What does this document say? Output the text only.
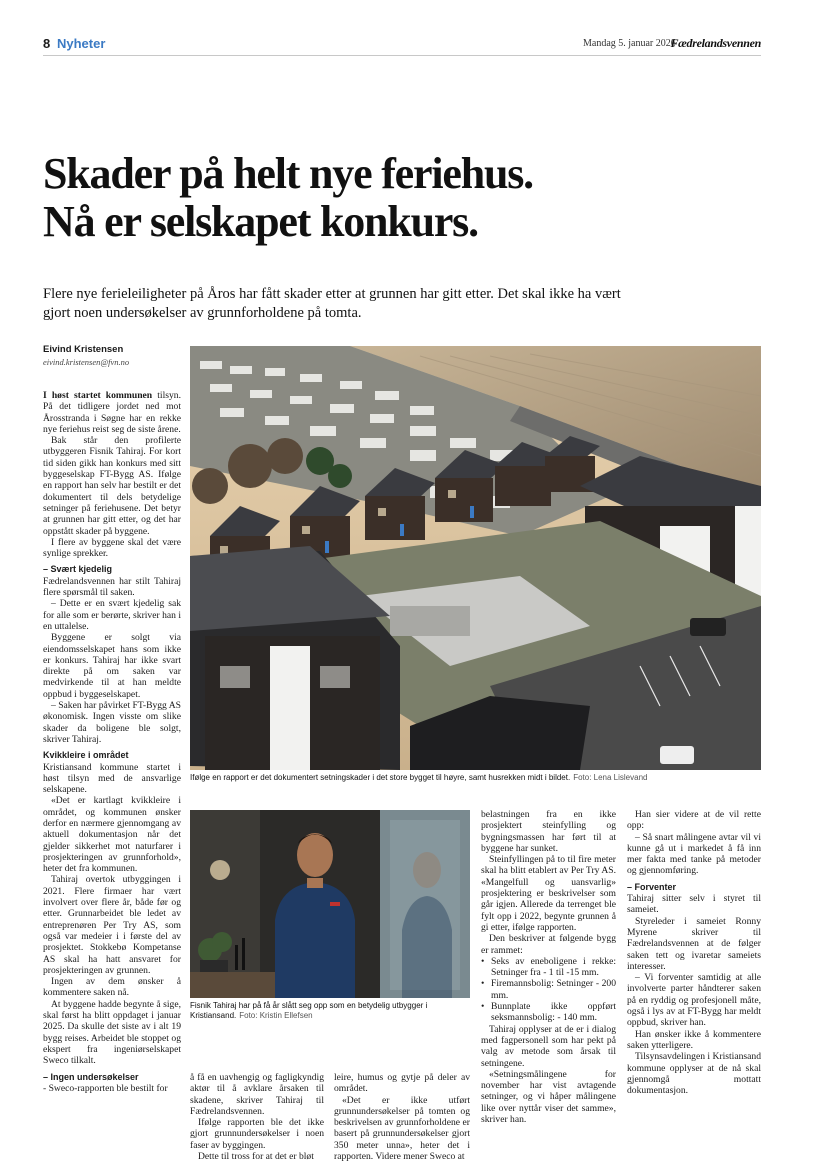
8 Nyheter	Mandag 5. januar 2026
Fædrelandsvennen
Skader på helt nye feriehus.
Nå er selskapet konkurs.

Flere nye ferieleiligheter på Åros har fått skader etter at grunnen har gitt etter. Det skal ikke ha vært gjort noen undersøkelser av grunnforholdene på tomta.

Eivind Kristensen
eivind.kristensen@fvn.no

I høst startet kommunen tilsyn. På det tidligere jordet ned mot Årosstranda i Søgne har en rekke nye feriehus reist seg de siste årene.

Bak står den profilerte utbyggeren Fisnik Tahiraj. For kort tid siden gikk han konkurs med sitt byggeselskap FT-Bygg AS. Ifølge en rapport han selv har bestilt er det dokumentert til dels betydelige setninger på feriehusene. Det betyr at grunnen har gitt etter, og det har oppstått skader på byggene.

I flere av byggene skal det være synlige sprekker.

– Svært kjedelig

Fædrelandsvennen har stilt Tahiraj flere spørsmål til saken.

– Dette er en svært kjedelig sak for alle som er berørte, skriver han i en uttalelse.

Byggene er solgt via eiendomsselskapet hans som ikke er konkurs. Tahiraj har ikke svart direkte på om saken var medvirkende til at han meldte oppbud i byggeselskapet.

– Saken har påvirket FT-Bygg AS økonomisk. Ingen visste om slike skader da boligene ble solgt, skriver Tahiraj.

Kvikkleire i området

Kristiansand kommune startet i høst tilsyn med de ansvarlige selskapene.

«Det er kartlagt kvikkleire i området, og kommunen ønsker derfor en nærmere gjennomgang av aktuell dokumentasjon når det gjelder sikkerhet mot naturfarer i prosjekteringen av grunnforhold», heter det fra kommunen.

Tahiraj overtok utbyggingen i 2021. Flere firmaer har vært involvert over flere år, både før og etter. Grunnarbeidet ble ledet av entreprenøren Per Try AS, som også var medeier i i første del av prosjektet. Stokkebø Kompetanse AS skal ha hatt ansvaret for prosjekteringen av grunnen.

Ingen av dem ønsker å kommentere saken nå.

At byggene hadde begynte å sige, skal først ha blitt oppdaget i januar 2025. Da skulle det siste av i alt 19 bygg reises. Arbeidet ble stoppet og ekspert fra ingeniørselskapet Sweco tilkalt.

– Ingen undersøkelser

- Sweco-rapporten ble bestilt for

Ifølge en rapport er det dokumentert setningskader i det store bygget til høyre, samt husrekken midt i bildet. Foto: Lena Lislevand
Fisnik Tahiraj har på få år slått seg opp som en betydelig utbygger i Kristiansand. Foto: Kristin Ellefsen

å få en uavhengig og fagligkyndig aktør til å avklare årsaken til skadene, skriver Tahiraj til Fædrelandsvennen.

Ifølge rapporten ble det ikke gjort grunnundersøkelser i noen faser av byggingen.

Dette til tross for at det er bløt

leire, humus og gytje på deler av området.

«Det er ikke utført grunnundersøkelser på tomten og beskrivelsen av grunnforholdene er basert på grunnundersøkelser gjort 350 meter unna», heter det i rapporten. Videre mener Sweco at

belastningen fra en ikke prosjektert steinfylling og bygningsmassen har ført til at byggene har sunket.

Steinfyllingen på to til fire meter skal ha blitt etablert av Per Try AS. «Mangelfull og uansvarlig» prosjektering er beskrivelser som går igjen. Allerede da terrenget ble fylt opp i 2022, begynte grunnen å gi etter, ifølge rapporten.

Den beskriver at følgende bygg er rammet:

• Seks av eneboligene i rekke: Setninger fra - 1 til -15 mm.
• Firemannsbolig: Setninger - 200 mm.
• Bunnplate ikke oppført seksmannsbolig: - 140 mm.

Tahiraj opplyser at de er i dialog med fagpersonell som har pekt på valg av metode som årsak til setningene.

«Setningsmålingene for november har vist avtagende setninger, og vi håper målingene like over nyttår viser det samme», skriver han.

Han sier videre at de vil rette opp:

– Så snart målingene avtar vil vi kunne gå ut i markedet å få inn mer fakta med tanke på metoder og gjennomføring.

– Forventer

Tahiraj sitter selv i styret til sameiet.

Styreleder i sameiet Ronny Myrene skriver til Fædrelandsvennen at de følger saken tett og ivaretar sameiets interesser.

– Vi forventer samtidig at alle involverte parter håndterer saken på en ryddig og profesjonell måte, også i lys av at FT-Bygg har meldt oppbud, skriver han.

Han ønsker ikke å kommentere saken ytterligere.

Tilsynsavdelingen i Kristiansand kommune opplyser at de nå skal gjennomgå mottatt dokumentasjon.
